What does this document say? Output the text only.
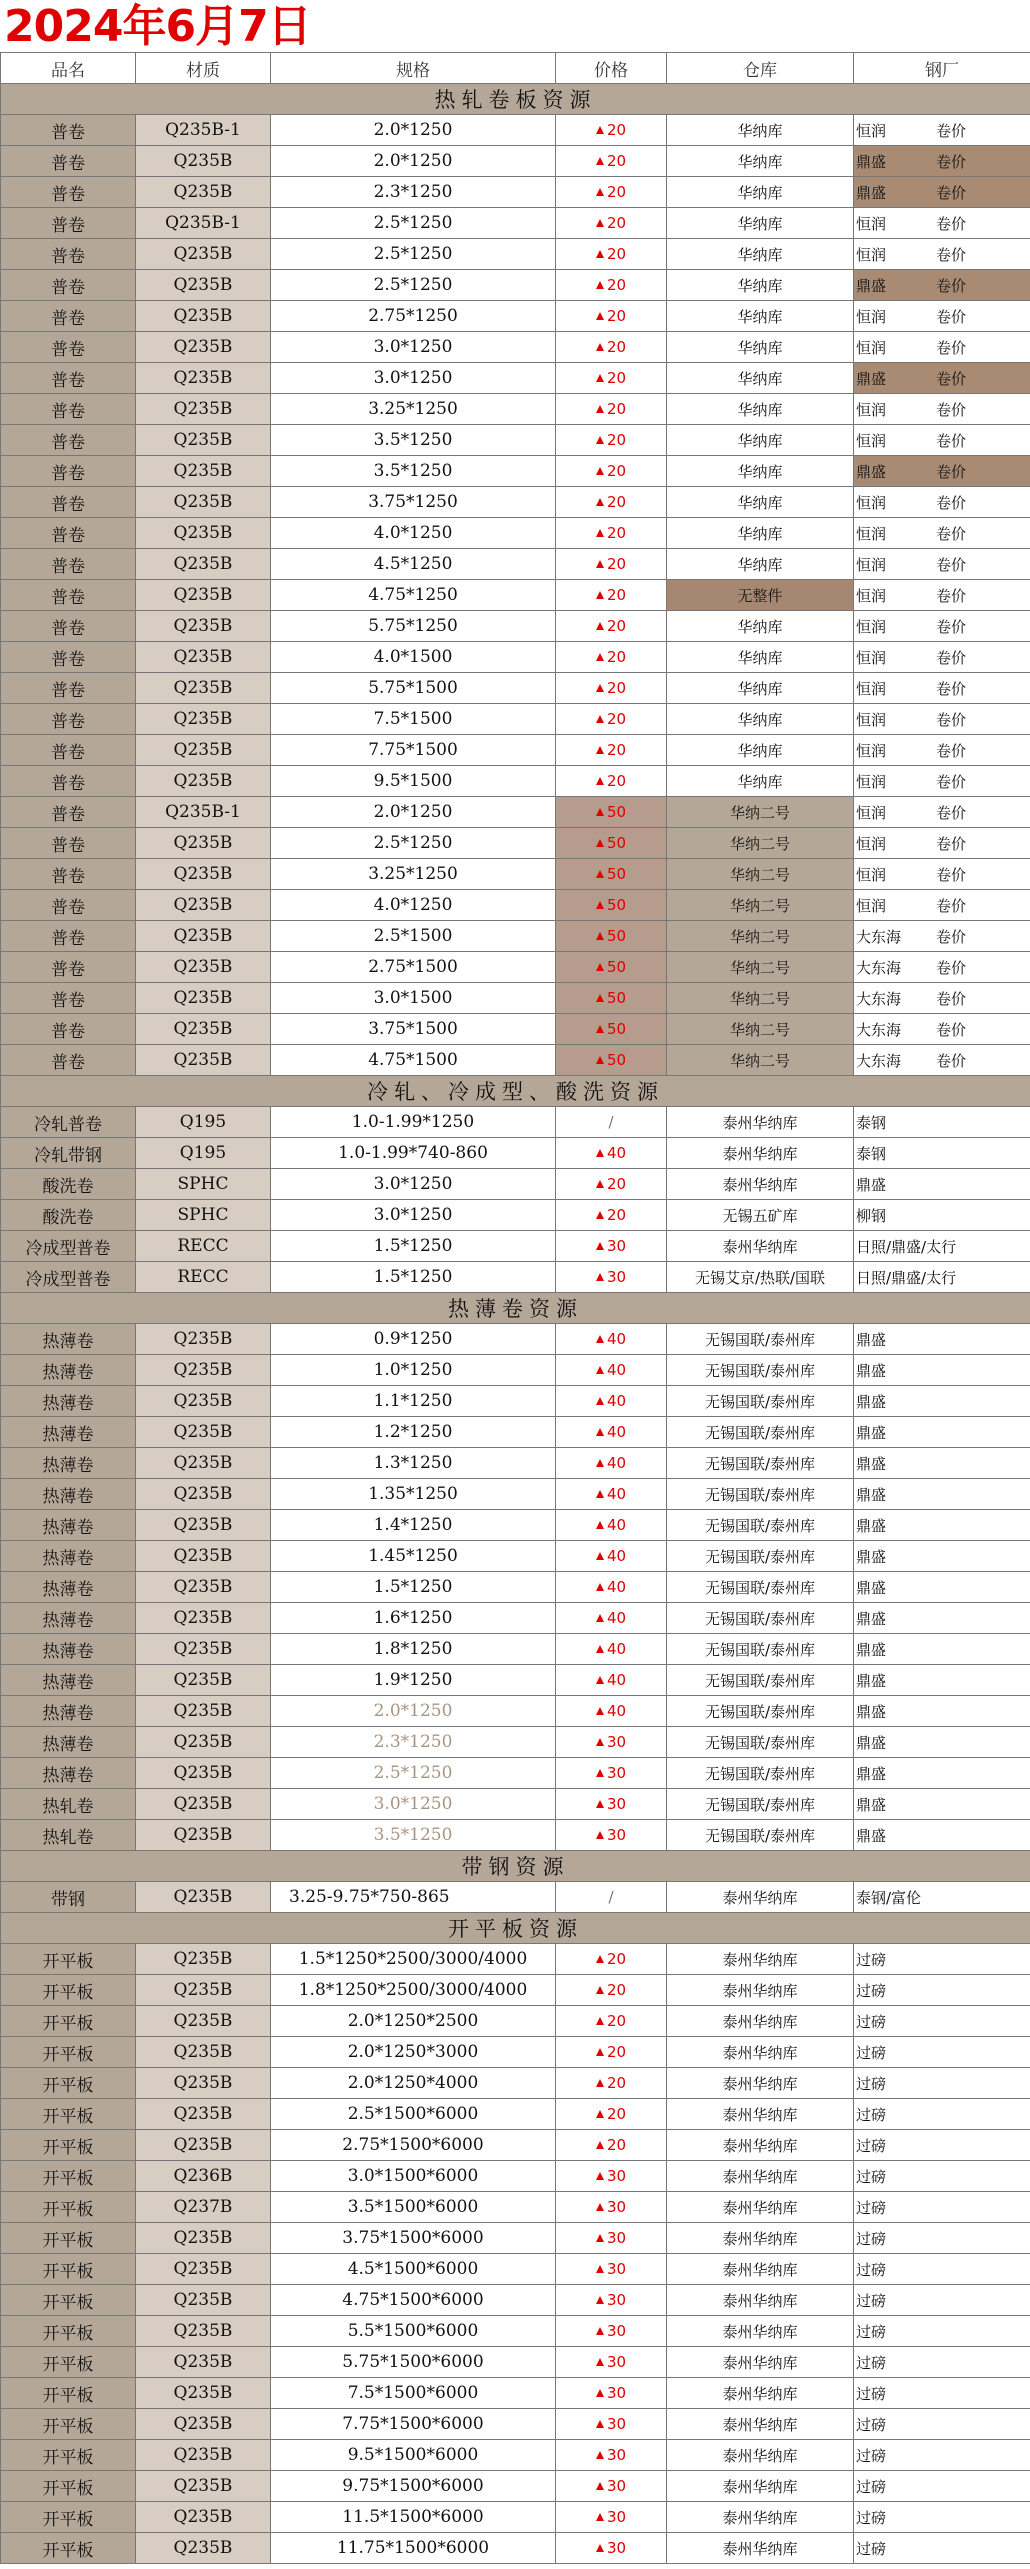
2024年6月7日
品名	材质	规格	价格	仓库	钢厂
热轧卷板资源					
普卷	Q235B-1	2.0*1250	20	华纳库	恒润 卷价
普卷	Q235B	2.0*1250	20	华纳库	鼎盛 卷价
普卷	Q235B	2.3*1250	20	华纳库	鼎盛 卷价
普卷	Q235B-1	2.5*1250	20	华纳库	恒润 卷价
普卷	Q235B	2.5*1250	20	华纳库	恒润 卷价
普卷	Q235B	2.5*1250	20	华纳库	鼎盛 卷价
普卷	Q235B	2.75*1250	20	华纳库	恒润 卷价
普卷	Q235B	3.0*1250	20	华纳库	恒润 卷价
普卷	Q235B	3.0*1250	20	华纳库	鼎盛 卷价
普卷	Q235B	3.25*1250	20	华纳库	恒润 卷价
普卷	Q235B	3.5*1250	20	华纳库	恒润 卷价
普卷	Q235B	3.5*1250	20	华纳库	鼎盛 卷价
普卷	Q235B	3.75*1250	20	华纳库	恒润 卷价
普卷	Q235B	4.0*1250	20	华纳库	恒润 卷价
普卷	Q235B	4.5*1250	20	华纳库	恒润 卷价
普卷	Q235B	4.75*1250	20	无整件	恒润 卷价
普卷	Q235B	5.75*1250	20	华纳库	恒润 卷价
普卷	Q235B	4.0*1500	20	华纳库	恒润 卷价
普卷	Q235B	5.75*1500	20	华纳库	恒润 卷价
普卷	Q235B	7.5*1500	20	华纳库	恒润 卷价
普卷	Q235B	7.75*1500	20	华纳库	恒润 卷价
普卷	Q235B	9.5*1500	20	华纳库	恒润 卷价
普卷	Q235B-1	2.0*1250	50	华纳二号	恒润 卷价
普卷	Q235B	2.5*1250	50	华纳二号	恒润 卷价
普卷	Q235B	3.25*1250	50	华纳二号	恒润 卷价
普卷	Q235B	4.0*1250	50	华纳二号	恒润 卷价
普卷	Q235B	2.5*1500	50	华纳二号	大东海 卷价
普卷	Q235B	2.75*1500	50	华纳二号	大东海 卷价
普卷	Q235B	3.0*1500	50	华纳二号	大东海 卷价
普卷	Q235B	3.75*1500	50	华纳二号	大东海 卷价
普卷	Q235B	4.75*1500	50	华纳二号	大东海 卷价
冷轧、冷成型、酸洗资源					
冷轧普卷	Q195	1.0-1.99*1250	/	泰州华纳库	泰钢
冷轧带钢	Q195	1.0-1.99*740-860	40	泰州华纳库	泰钢
酸洗卷	SPHC	3.0*1250	20	泰州华纳库	鼎盛
酸洗卷	SPHC	3.0*1250	20	无锡五矿库	柳钢
冷成型普卷	RECC	1.5*1250	30	泰州华纳库	日照/鼎盛/太行
冷成型普卷	RECC	1.5*1250	30	无锡艾京/热联/国联	日照/鼎盛/太行
热薄卷资源					
热薄卷	Q235B	0.9*1250	40	无锡国联/泰州库	鼎盛
热薄卷	Q235B	1.0*1250	40	无锡国联/泰州库	鼎盛
热薄卷	Q235B	1.1*1250	40	无锡国联/泰州库	鼎盛
热薄卷	Q235B	1.2*1250	40	无锡国联/泰州库	鼎盛
热薄卷	Q235B	1.3*1250	40	无锡国联/泰州库	鼎盛
热薄卷	Q235B	1.35*1250	40	无锡国联/泰州库	鼎盛
热薄卷	Q235B	1.4*1250	40	无锡国联/泰州库	鼎盛
热薄卷	Q235B	1.45*1250	40	无锡国联/泰州库	鼎盛
热薄卷	Q235B	1.5*1250	40	无锡国联/泰州库	鼎盛
热薄卷	Q235B	1.6*1250	40	无锡国联/泰州库	鼎盛
热薄卷	Q235B	1.8*1250	40	无锡国联/泰州库	鼎盛
热薄卷	Q235B	1.9*1250	40	无锡国联/泰州库	鼎盛
热薄卷	Q235B	2.0*1250	40	无锡国联/泰州库	鼎盛
热薄卷	Q235B	2.3*1250	30	无锡国联/泰州库	鼎盛
热薄卷	Q235B	2.5*1250	30	无锡国联/泰州库	鼎盛
热轧卷	Q235B	3.0*1250	30	无锡国联/泰州库	鼎盛
热轧卷	Q235B	3.5*1250	30	无锡国联/泰州库	鼎盛
带钢资源					
带钢	Q235B	3.25-9.75*750-865	/	泰州华纳库	泰钢/富伦
开平板资源					
开平板	Q235B	1.5*1250*2500/3000/4000	20	泰州华纳库	过磅
开平板	Q235B	1.8*1250*2500/3000/4000	20	泰州华纳库	过磅
开平板	Q235B	2.0*1250*2500	20	泰州华纳库	过磅
开平板	Q235B	2.0*1250*3000	20	泰州华纳库	过磅
开平板	Q235B	2.0*1250*4000	20	泰州华纳库	过磅
开平板	Q235B	2.5*1500*6000	20	泰州华纳库	过磅
开平板	Q235B	2.75*1500*6000	20	泰州华纳库	过磅
开平板	Q236B	3.0*1500*6000	30	泰州华纳库	过磅
开平板	Q237B	3.5*1500*6000	30	泰州华纳库	过磅
开平板	Q235B	3.75*1500*6000	30	泰州华纳库	过磅
开平板	Q235B	4.5*1500*6000	30	泰州华纳库	过磅
开平板	Q235B	4.75*1500*6000	30	泰州华纳库	过磅
开平板	Q235B	5.5*1500*6000	30	泰州华纳库	过磅
开平板	Q235B	5.75*1500*6000	30	泰州华纳库	过磅
开平板	Q235B	7.5*1500*6000	30	泰州华纳库	过磅
开平板	Q235B	7.75*1500*6000	30	泰州华纳库	过磅
开平板	Q235B	9.5*1500*6000	30	泰州华纳库	过磅
开平板	Q235B	9.75*1500*6000	30	泰州华纳库	过磅
开平板	Q235B	11.5*1500*6000	30	泰州华纳库	过磅
开平板	Q235B	11.75*1500*6000	30	泰州华纳库	过磅
